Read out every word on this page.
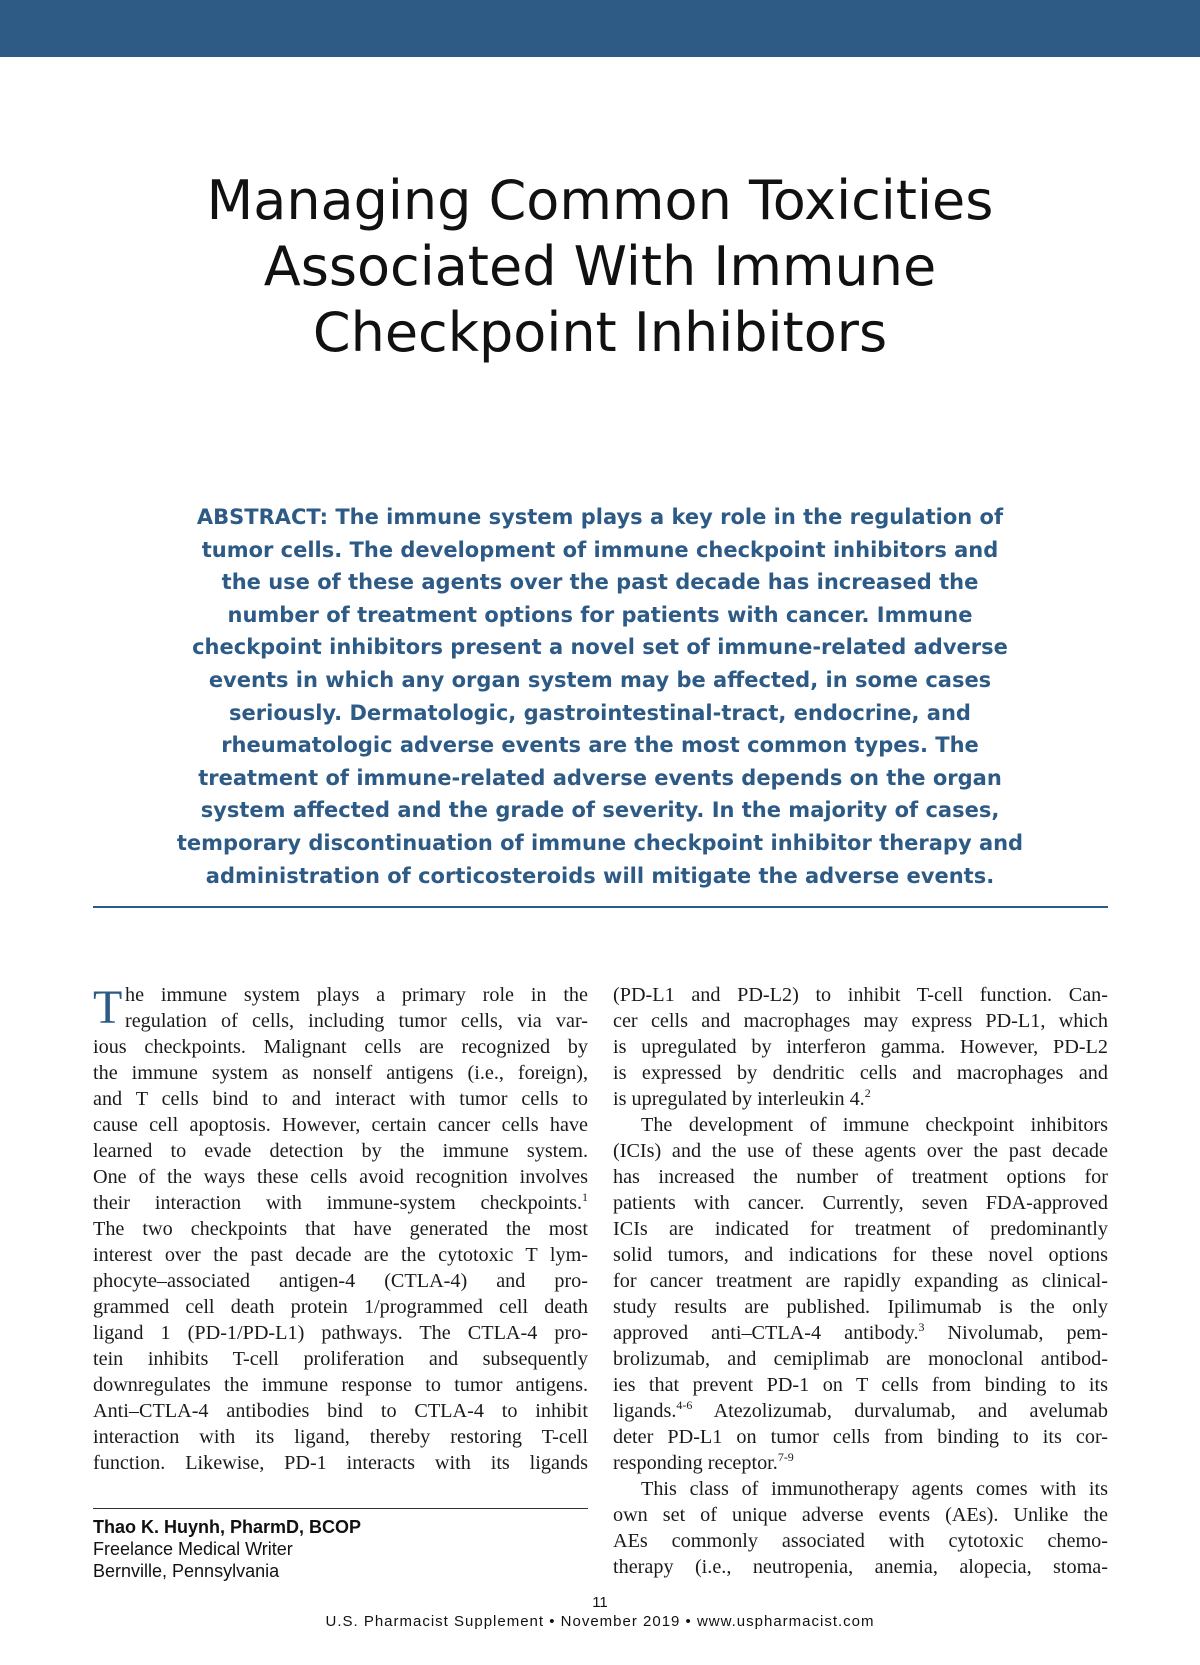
Managing Common Toxicities
Associated With Immune
Checkpoint Inhibitors
ABSTRACT: The immune system plays a key role in the regulation of
tumor cells. The development of immune checkpoint inhibitors and
the use of these agents over the past decade has increased the
number of treatment options for patients with cancer. Immune
checkpoint inhibitors present a novel set of immune-related adverse
events in which any organ system may be affected, in some cases
seriously. Dermatologic, gastrointestinal-tract, endocrine, and
rheumatologic adverse events are the most common types. The
treatment of immune-related adverse events depends on the organ
system affected and the grade of severity. In the majority of cases,
temporary discontinuation of immune checkpoint inhibitor therapy and
administration of corticosteroids will mitigate the adverse events.
T he immune system plays a primary role in the
regulation of cells, including tumor cells, via var-
ious checkpoints. Malignant cells are recognized by
the immune system as nonself antigens (i.e., foreign),
and T cells bind to and interact with tumor cells to
cause cell apoptosis. However, certain cancer cells have
learned to evade detection by the immune system.
One of the ways these cells avoid recognition involves
their interaction with immune-system checkpoints.$^1$
The two checkpoints that have generated the most
interest over the past decade are the cytotoxic T lym-
phocyte–associated antigen-4 (CTLA-4) and pro-
grammed cell death protein 1/programmed cell death
ligand 1 (PD-1/PD-L1) pathways. The CTLA-4 pro-
tein inhibits T-cell proliferation and subsequently
downregulates the immune response to tumor antigens.
Anti–CTLA-4 antibodies bind to CTLA-4 to inhibit
interaction with its ligand, thereby restoring T-cell
function. Likewise, PD-1 interacts with its ligands
(PD-L1 and PD-L2) to inhibit T-cell function. Can-
cer cells and macrophages may express PD-L1, which
is upregulated by interferon gamma. However, PD-L2
is expressed by dendritic cells and macrophages and
is upregulated by interleukin 4.$^2$
The development of immune checkpoint inhibitors
(ICIs) and the use of these agents over the past decade
has increased the number of treatment options for
patients with cancer. Currently, seven FDA-approved
ICIs are indicated for treatment of predominantly
solid tumors, and indications for these novel options
for cancer treatment are rapidly expanding as clinical-
study results are published. Ipilimumab is the only
approved anti–CTLA-4 antibody.$^3$ Nivolumab, pem-
brolizumab, and cemiplimab are monoclonal antibod-
ies that prevent PD-1 on T cells from binding to its
ligands.$^{4-6}$ Atezolizumab, durvalumab, and avelumab
deter PD-L1 on tumor cells from binding to its cor-
responding receptor.$^{7-9}$
This class of immunotherapy agents comes with its
own set of unique adverse events (AEs). Unlike the
AEs commonly associated with cytotoxic chemo-
therapy (i.e., neutropenia, anemia, alopecia, stoma-
Thao K. Huynh, PharmD, BCOP
Freelance Medical Writer
Bernville, Pennsylvania
11
U.S. Pharmacist Supplement • November 2019 • www.uspharmacist.com
